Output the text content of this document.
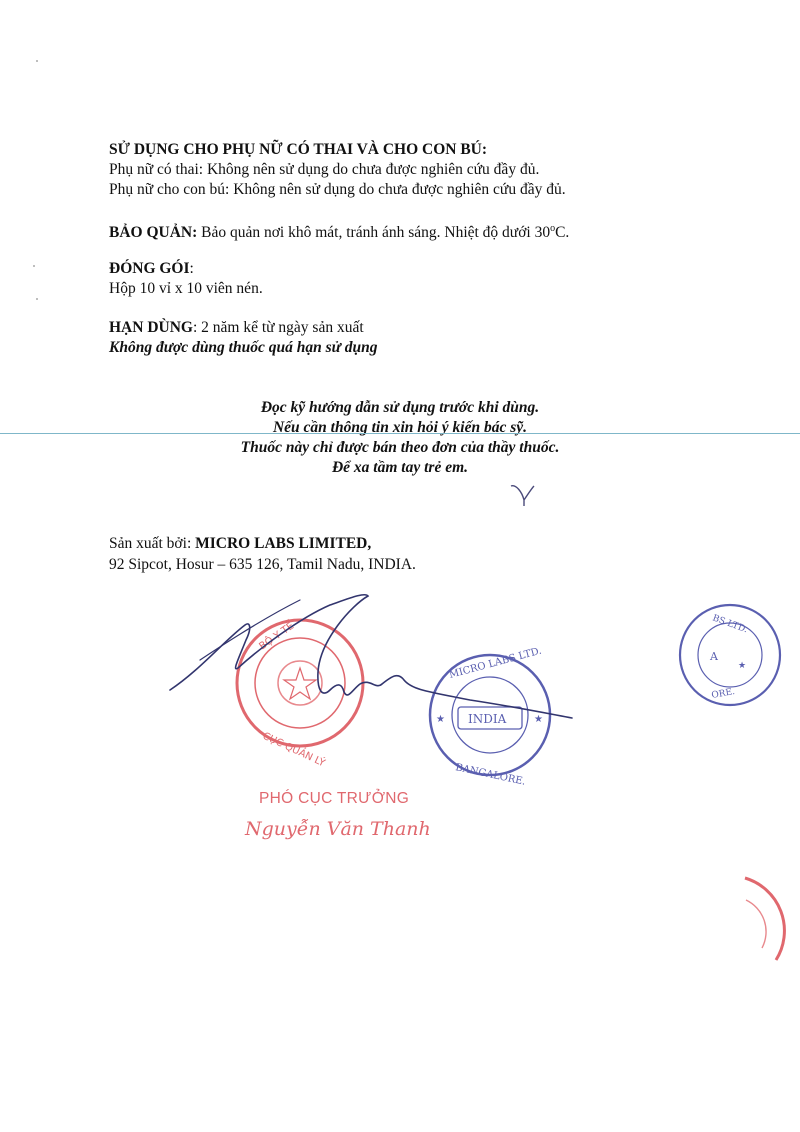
SỬ DỤNG CHO PHỤ NỮ CÓ THAI VÀ CHO CON BÚ:
Phụ nữ có thai: Không nên sử dụng do chưa được nghiên cứu đầy đủ.
Phụ nữ cho con bú: Không nên sử dụng do chưa được nghiên cứu đầy đủ.
BẢO QUẢN: Bảo quản nơi khô mát, tránh ánh sáng. Nhiệt độ dưới 30$^o$C.
ĐÓNG GÓI:
Hộp 10 vỉ x 10 viên nén.
HẠN DÙNG: 2 năm kể từ ngày sản xuất
Không được dùng thuốc quá hạn sử dụng
Đọc kỹ hướng dẫn sử dụng trước khi dùng.
Nếu cần thông tin xin hỏi ý kiến bác sỹ.
Thuốc này chỉ được bán theo đơn của thầy thuốc.
Để xa tầm tay trẻ em.
Sản xuất bởi: MICRO LABS LIMITED,
92 Sipcot, Hosur – 635 126, Tamil Nadu, INDIA.
BỘ Y TẾ
CỤC QUẢN LÝ
INDIA
MICRO LABS LTD.
BANGALORE.
★	★
BS LTD.
ORE.
A
★
PHÓ CỤC TRƯỞNG
Nguyễn Văn Thanh
